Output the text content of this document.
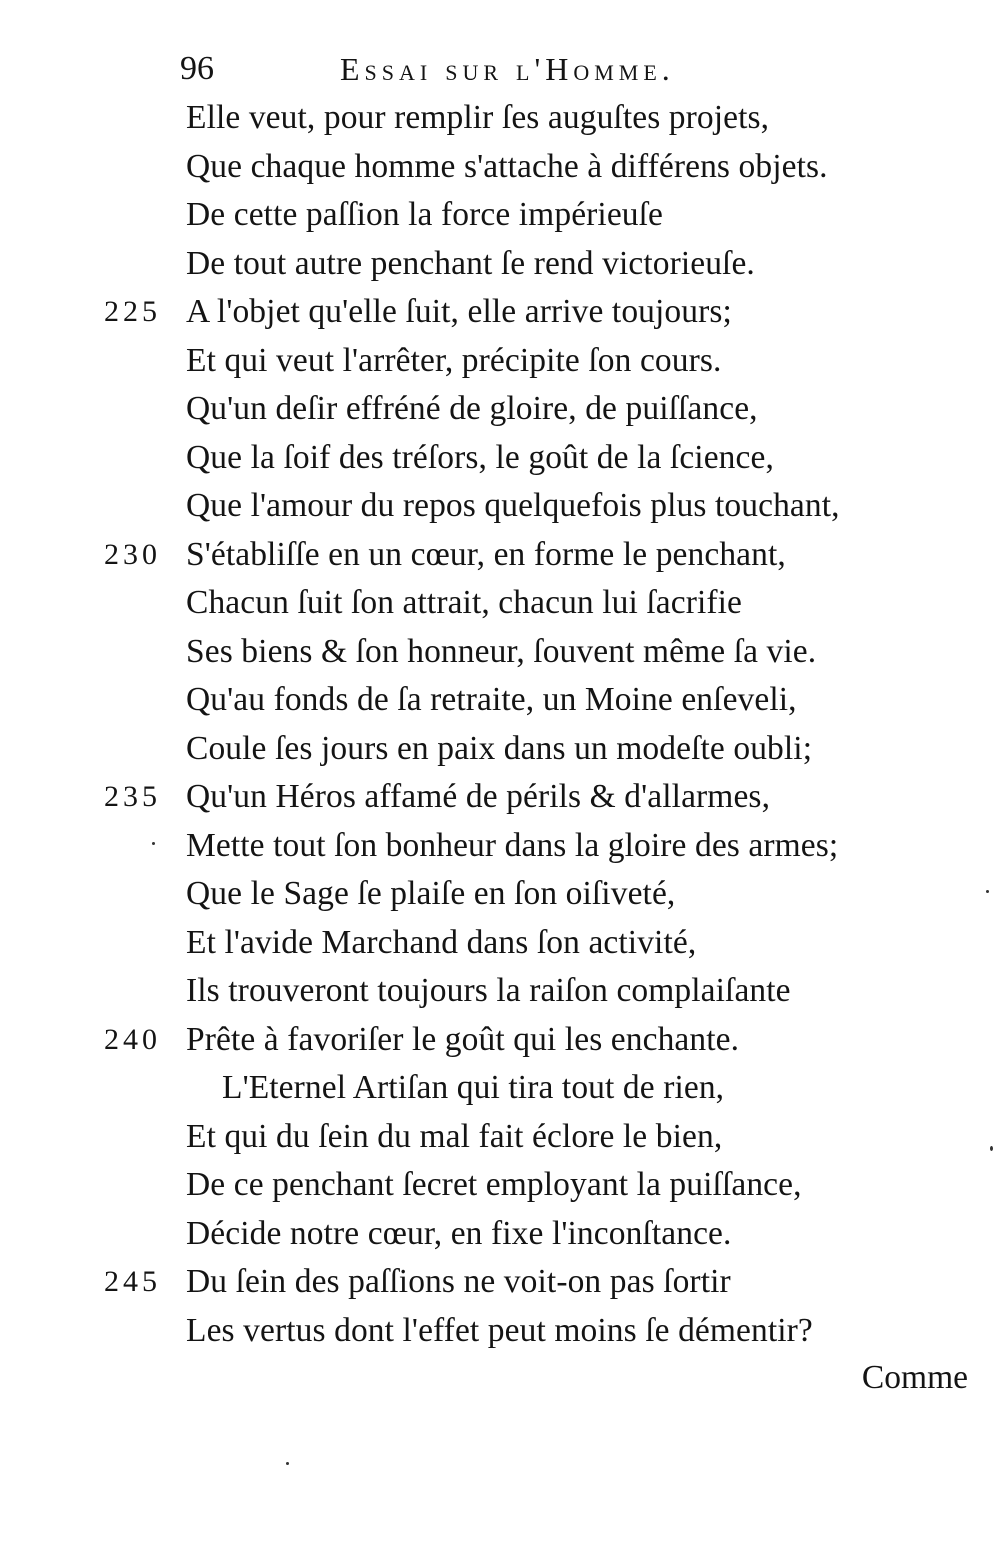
96	Essai sur l'Homme.
Elle veut, pour remplir ſes auguſtes projets,
Que chaque homme s'attache à différens objets.
De cette paſſion la force impérieuſe
De tout autre penchant ſe rend victorieuſe.
A l'objet qu'elle ſuit, elle arrive toujours;
225
Et qui veut l'arrêter, précipite ſon cours.
Qu'un deſir effréné de gloire, de puiſſance,
Que la ſoif des tréſors, le goût de la ſcience,
Que l'amour du repos quelquefois plus touchant,
S'établiſſe en un cœur, en forme le penchant,
230
Chacun ſuit ſon attrait, chacun lui ſacrifie
Ses biens & ſon honneur, ſouvent même ſa vie.
Qu'au fonds de ſa retraite, un Moine enſeveli,
Coule ſes jours en paix dans un modeſte oubli;
Qu'un Héros affamé de périls & d'allarmes,
235
Mette tout ſon bonheur dans la gloire des armes;
Que le Sage ſe plaiſe en ſon oiſiveté,
Et l'avide Marchand dans ſon activité,
Ils trouveront toujours la raiſon complaiſante
Prête à favoriſer le goût qui les enchante.
240
L'Eternel Artiſan qui tira tout de rien,
Et qui du ſein du mal fait éclore le bien,
De ce penchant ſecret employant la puiſſance,
Décide notre cœur, en fixe l'inconſtance.
Du ſein des paſſions ne voit-on pas ſortir
245
Les vertus dont l'effet peut moins ſe démentir?
Comme
